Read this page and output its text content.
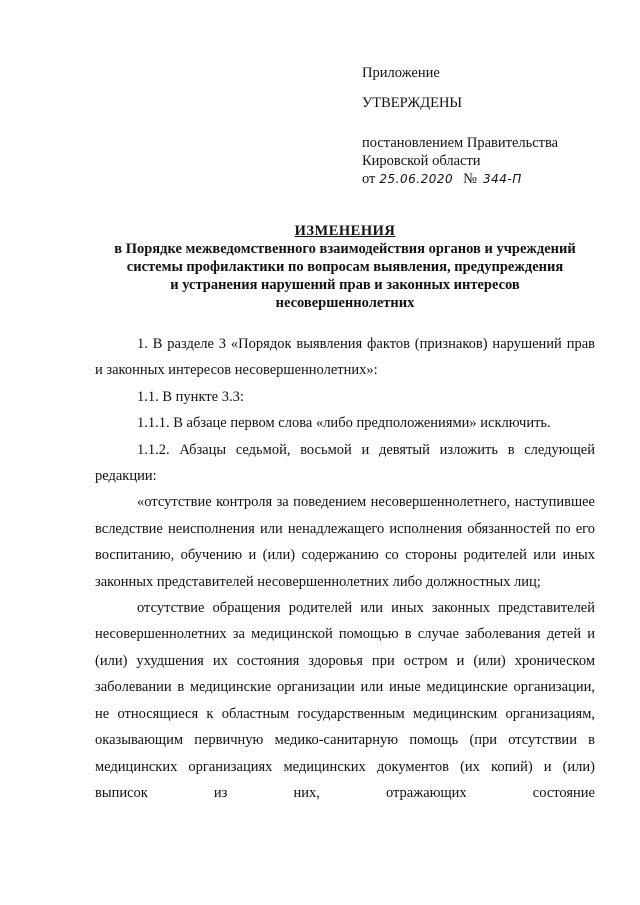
Приложение
УТВЕРЖДЕНЫ
постановлением Правительства
Кировской области
от 25.06.2020 № 344-П
ИЗМЕНЕНИЯ
в Порядке межведомственного взаимодействия органов и учреждений
системы профилактики по вопросам выявления, предупреждения
и устранения нарушений прав и законных интересов
несовершеннолетних

1. В разделе 3 «Порядок выявления фактов (признаков) нарушений прав и законных интересов несовершеннолетних»:

1.1. В пункте 3.3:

1.1.1. В абзаце первом слова «либо предположениями» исключить.

1.1.2. Абзацы седьмой, восьмой и девятый изложить в следующей редакции:

«отсутствие контроля за поведением несовершеннолетнего, наступившее вследствие неисполнения или ненадлежащего исполнения обязанностей по его воспитанию, обучению и (или) содержанию со стороны родителей или иных законных представителей несовершеннолетних либо должностных лиц;

отсутствие обращения родителей или иных законных представителей несовершеннолетних за медицинской помощью в случае заболевания детей и (или) ухудшения их состояния здоровья при остром и (или) хроническом заболевании в медицинские организации или иные медицинские организации, не относящиеся к областным государственным медицинским организациям, оказывающим первичную медико-санитарную помощь (при отсутствии в медицинских организациях медицинских документов (их копий) и (или) выписок из них, отражающих состояние
